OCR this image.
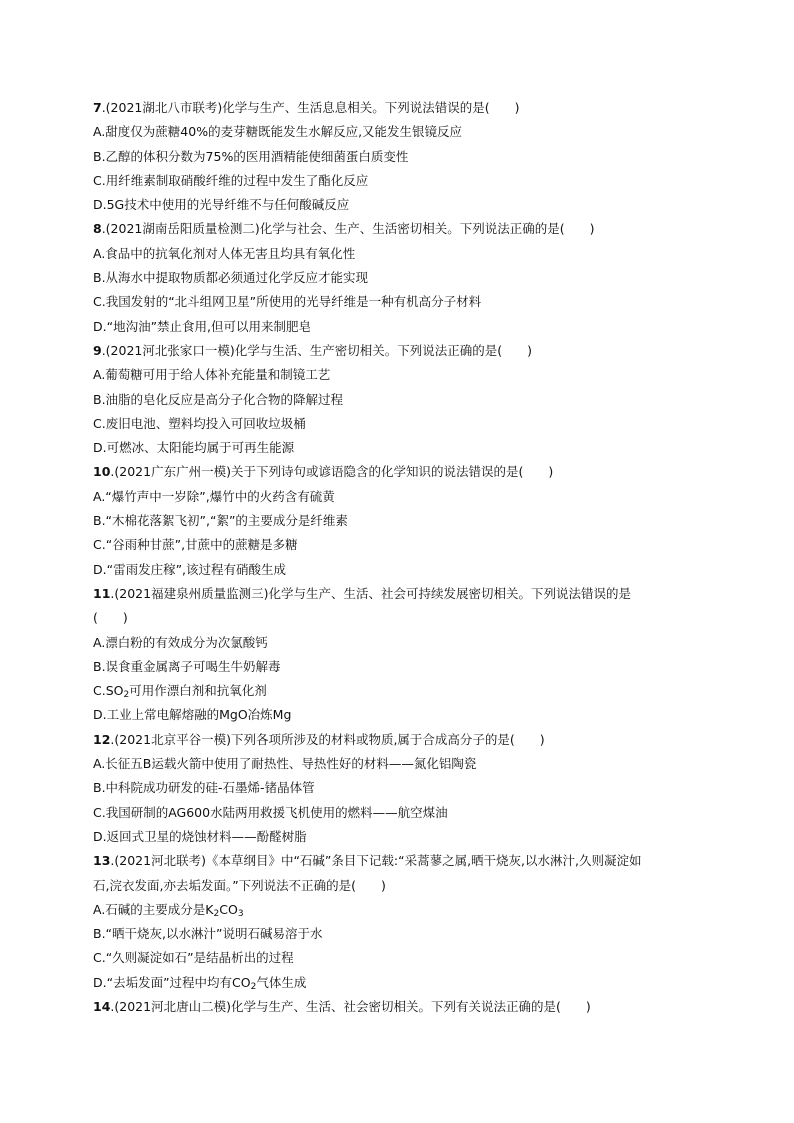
7.(2021湖北八市联考)化学与生产、生活息息相关。下列说法错误的是(　　)
A.甜度仅为蔗糖40%的麦芽糖既能发生水解反应,又能发生银镜反应
B.乙醇的体积分数为75%的医用酒精能使细菌蛋白质变性
C.用纤维素制取硝酸纤维的过程中发生了酯化反应
D.5G技术中使用的光导纤维不与任何酸碱反应
8.(2021湖南岳阳质量检测二)化学与社会、生产、生活密切相关。下列说法正确的是(　　)
A.食品中的抗氧化剂对人体无害且均具有氧化性
B.从海水中提取物质都必须通过化学反应才能实现
C.我国发射的“北斗组网卫星”所使用的光导纤维是一种有机高分子材料
D.“地沟油”禁止食用,但可以用来制肥皂
9.(2021河北张家口一模)化学与生活、生产密切相关。下列说法正确的是(　　)
A.葡萄糖可用于给人体补充能量和制镜工艺
B.油脂的皂化反应是高分子化合物的降解过程
C.废旧电池、塑料均投入可回收垃圾桶
D.可燃冰、太阳能均属于可再生能源
10.(2021广东广州一模)关于下列诗句或谚语隐含的化学知识的说法错误的是(　　)
A.“爆竹声中一岁除”,爆竹中的火药含有硫黄
B.“木棉花落絮飞初”,“絮”的主要成分是纤维素
C.“谷雨种甘蔗”,甘蔗中的蔗糖是多糖
D.“雷雨发庄稼”,该过程有硝酸生成
11.(2021福建泉州质量监测三)化学与生产、生活、社会可持续发展密切相关。下列说法错误的是
(　　)
A.漂白粉的有效成分为次氯酸钙
B.误食重金属离子可喝生牛奶解毒
$C.SO_2$可用作漂白剂和抗氧化剂
D.工业上常电解熔融的MgO冶炼Mg
12.(2021北京平谷一模)下列各项所涉及的材料或物质,属于合成高分子的是(　　)
A.长征五B运载火箭中使用了耐热性、导热性好的材料——氮化铝陶瓷
B.中科院成功研发的硅-石墨烯-锗晶体管
C.我国研制的AG600水陆两用救援飞机使用的燃料——航空煤油
D.返回式卫星的烧蚀材料——酚醛树脂
13.(2021河北联考)《本草纲目》中“石碱”条目下记载:“采蒿蓼之属,晒干烧灰,以水淋汁,久则凝淀如
石,浣衣发面,亦去垢发面。”下列说法不正确的是(　　)
A.石碱的主要成分是$K_2CO_3$
B.“晒干烧灰,以水淋汁”说明石碱易溶于水
C.“久则凝淀如石”是结晶析出的过程
D.“去垢发面”过程中均有$CO_2$气体生成
14.(2021河北唐山二模)化学与生产、生活、社会密切相关。下列有关说法正确的是(　　)
